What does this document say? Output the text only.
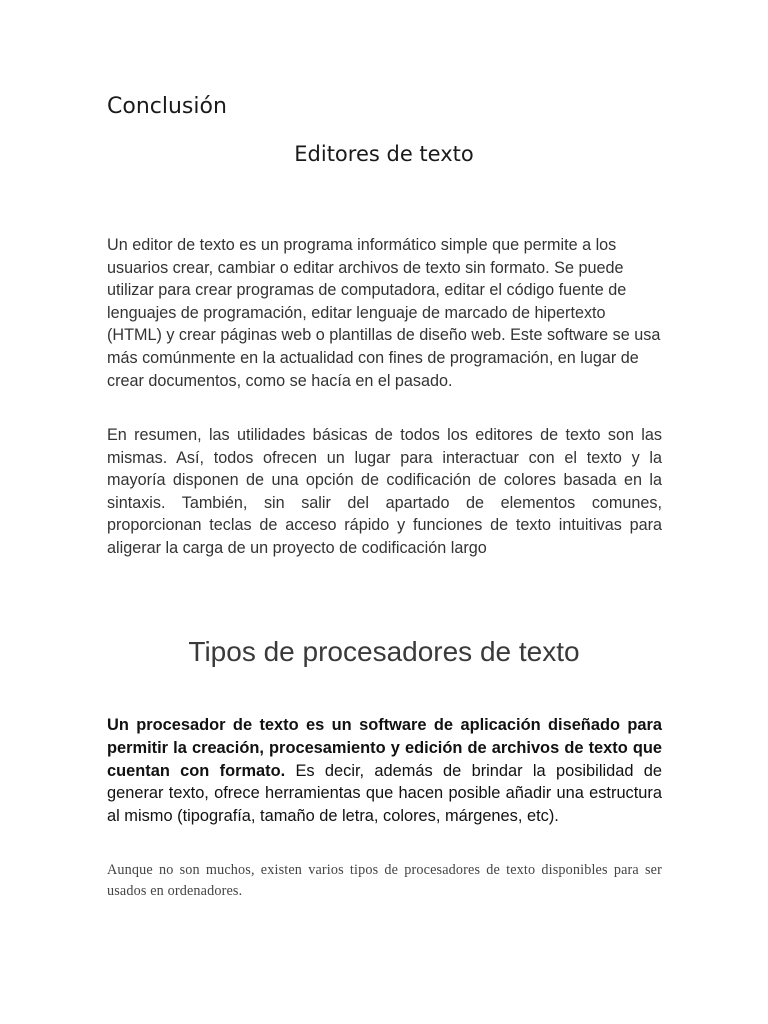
Conclusión
Editores de texto

Un editor de texto es un programa informático simple que permite a los usuarios crear, cambiar o editar archivos de texto sin formato. Se puede utilizar para crear programas de computadora, editar el código fuente de lenguajes de programación, editar lenguaje de marcado de hipertexto (HTML) y crear páginas web o plantillas de diseño web. Este software se usa más comúnmente en la actualidad con fines de programación, en lugar de crear documentos, como se hacía en el pasado.

En resumen, las utilidades básicas de todos los editores de texto son las mismas. Así, todos ofrecen un lugar para interactuar con el texto y la mayoría disponen de una opción de codificación de colores basada en la sintaxis. También, sin salir del apartado de elementos comunes, proporcionan teclas de acceso rápido y funciones de texto intuitivas para aligerar la carga de un proyecto de codificación largo

Tipos de procesadores de texto

Un procesador de texto es un software de aplicación diseñado para permitir la creación, procesamiento y edición de archivos de texto que cuentan con formato. Es decir, además de brindar la posibilidad de generar texto, ofrece herramientas que hacen posible añadir una estructura al mismo (tipografía, tamaño de letra, colores, márgenes, etc).

Aunque no son muchos, existen varios tipos de procesadores de texto disponibles para ser usados en ordenadores.
